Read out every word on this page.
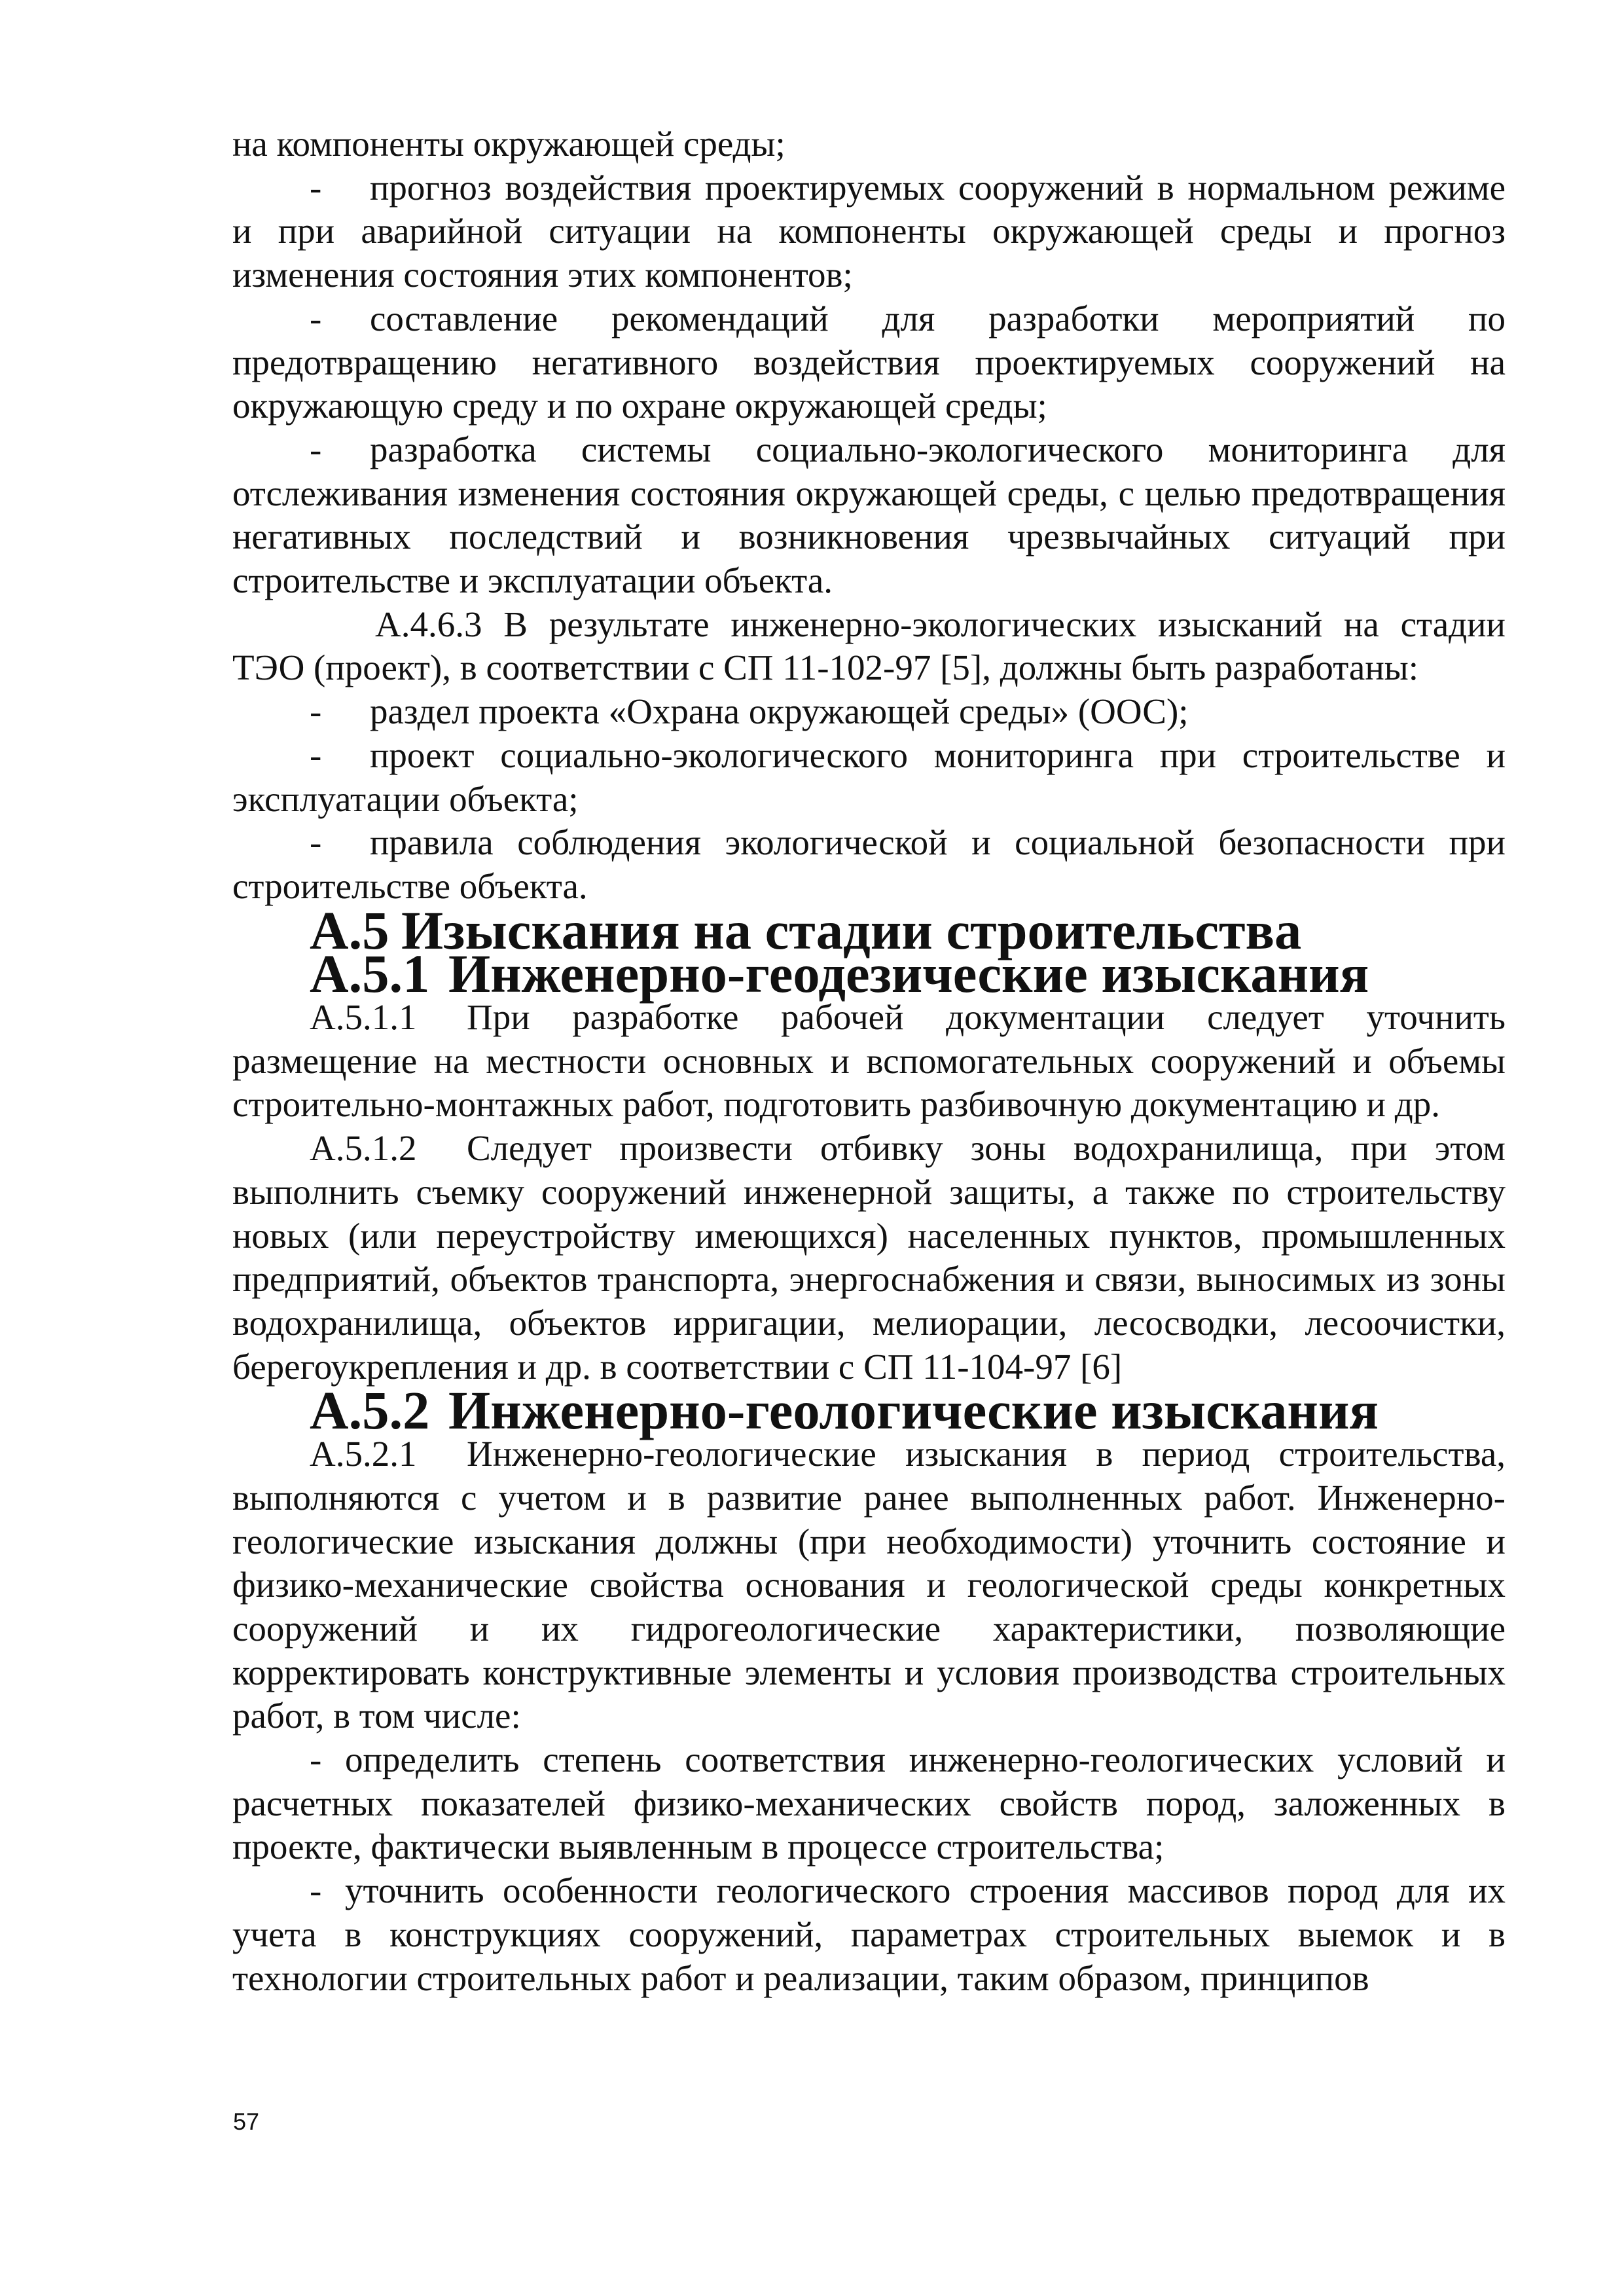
на компоненты окружающей среды;

- прогноз воздействия проектируемых сооружений в нормальном режиме и при аварийной ситуации на компоненты окружающей среды и прогноз изменения состояния этих компонентов;

- составление рекомендаций для разработки мероприятий по предотвращению негативного воздействия проектируемых сооружений на окружающую среду и по охране окружающей среды;

- разработка системы социально-экологического мониторинга для отслеживания изменения состояния окружающей среды, с целью предотвращения негативных последствий и возникновения чрезвычайных ситуаций при строительстве и эксплуатации объекта.

А.4.6.3 В результате инженерно-экологических изысканий на стадии ТЭО (проект), в соответствии с СП 11-102-97 [5], должны быть разработаны:

- раздел проекта «Охрана окружающей среды» (ООС);

- проект социально-экологического мониторинга при строительстве и эксплуатации объекта;

- правила соблюдения экологической и социальной безопасности при строительстве объекта.

А.5 Изыскания на стадии строительства
А.5.1 Инженерно-геодезические изыскания

А.5.1.1 При разработке рабочей документации следует уточнить размещение на местности основных и вспомогательных сооружений и объемы строительно-монтажных работ, подготовить разбивочную документацию и др.

А.5.1.2 Следует произвести отбивку зоны водохранилища, при этом выполнить съемку сооружений инженерной защиты, а также по строительству новых (или переустройству имеющихся) населенных пунктов, промышленных предприятий, объектов транспорта, энергоснабжения и связи, выносимых из зоны водохранилища, объектов ирригации, мелиорации, лесосводки, лесоочистки, берегоукрепления и др. в соответствии с СП 11-104-97 [6]

А.5.2 Инженерно-геологические изыскания

А.5.2.1 Инженерно-геологические изыскания в период строительства, выполняются с учетом и в развитие ранее выполненных работ. Инженерно-геологические изыскания должны (при необходимости) уточнить состояние и физико-механические свойства основания и геологической среды конкретных сооружений и их гидрогеологические характеристики, позволяющие корректировать конструктивные элементы и условия производства строительных работ, в том числе:

- определить степень соответствия инженерно-геологических условий и расчетных показателей физико-механических свойств пород, заложенных в проекте, фактически выявленным в процессе строительства;

- уточнить особенности геологического строения массивов пород для их учета в конструкциях сооружений, параметрах строительных выемок и в технологии строительных работ и реализации, таким образом, принципов

57
